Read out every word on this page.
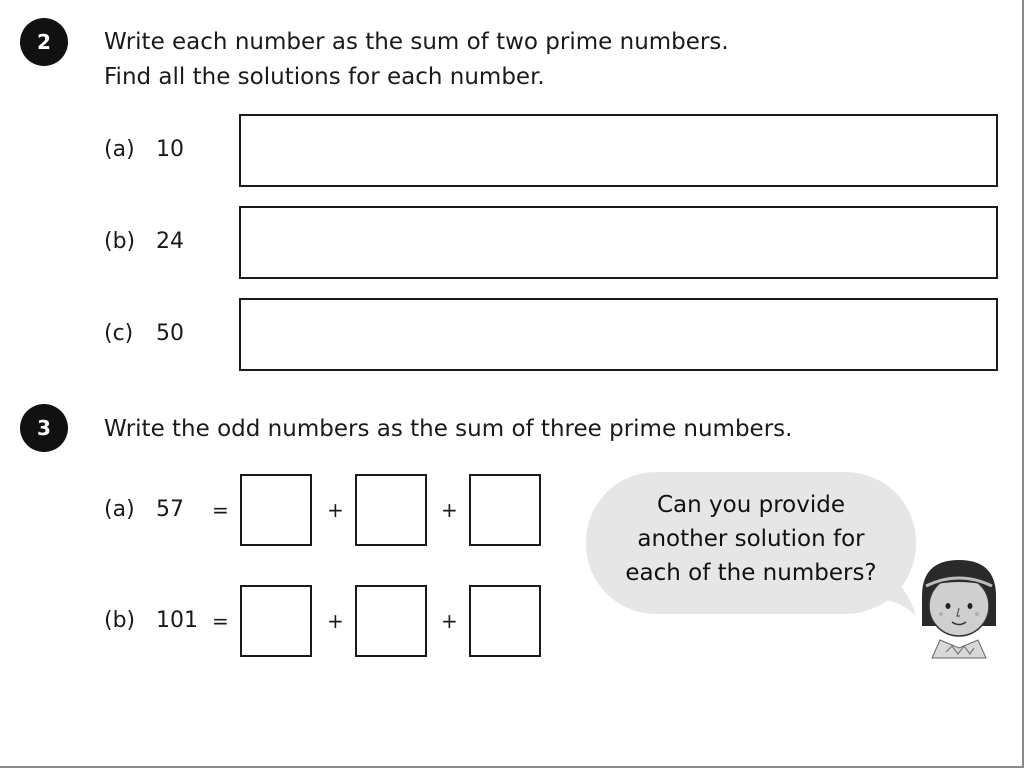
2	Write each number as the sum of two prime numbers.
Find all the solutions for each number.
(a) 10
(b) 24
(c) 50
3	Write the odd numbers as the sum of three prime numbers.
(a) 57 =	+	+
(b) 101 =	+	+
Can you provide
another solution for
each of the numbers?
